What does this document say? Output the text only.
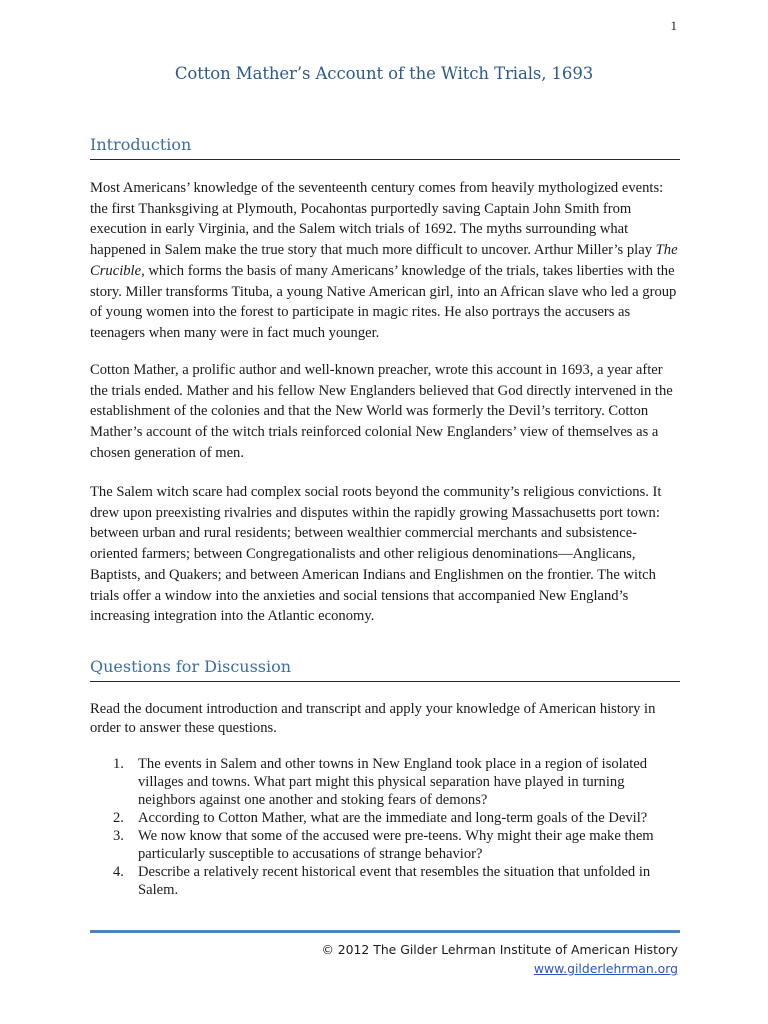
1
Cotton Mather’s Account of the Witch Trials, 1693
Introduction

Most Americans’ knowledge of the seventeenth century comes from heavily mythologized events: the first Thanksgiving at Plymouth, Pocahontas purportedly saving Captain John Smith from execution in early Virginia, and the Salem witch trials of 1692. The myths surrounding what happened in Salem make the true story that much more difficult to uncover. Arthur Miller’s play The Crucible, which forms the basis of many Americans’ knowledge of the trials, takes liberties with the story. Miller transforms Tituba, a young Native American girl, into an African slave who led a group of young women into the forest to participate in magic rites. He also portrays the accusers as teenagers when many were in fact much younger.

Cotton Mather, a prolific author and well-known preacher, wrote this account in 1693, a year after the trials ended. Mather and his fellow New Englanders believed that God directly intervened in the establishment of the colonies and that the New World was formerly the Devil’s territory. Cotton Mather’s account of the witch trials reinforced colonial New Englanders’ view of themselves as a chosen generation of men.

The Salem witch scare had complex social roots beyond the community’s religious convictions. It drew upon preexisting rivalries and disputes within the rapidly growing Massachusetts port town: between urban and rural residents; between wealthier commercial merchants and subsistence-oriented farmers; between Congregationalists and other religious denominations—Anglicans, Baptists, and Quakers; and between American Indians and Englishmen on the frontier. The witch trials offer a window into the anxieties and social tensions that accompanied New England’s increasing integration into the Atlantic economy.

Questions for Discussion

Read the document introduction and transcript and apply your knowledge of American history in order to answer these questions.

1. The events in Salem and other towns in New England took place in a region of isolated villages and towns. What part might this physical separation have played in turning neighbors against one another and stoking fears of demons?
2. According to Cotton Mather, what are the immediate and long-term goals of the Devil?
3. We now know that some of the accused were pre-teens. Why might their age make them particularly susceptible to accusations of strange behavior?
4. Describe a relatively recent historical event that resembles the situation that unfolded in Salem.
© 2012 The Gilder Lehrman Institute of American History
www.gilderlehrman.org
